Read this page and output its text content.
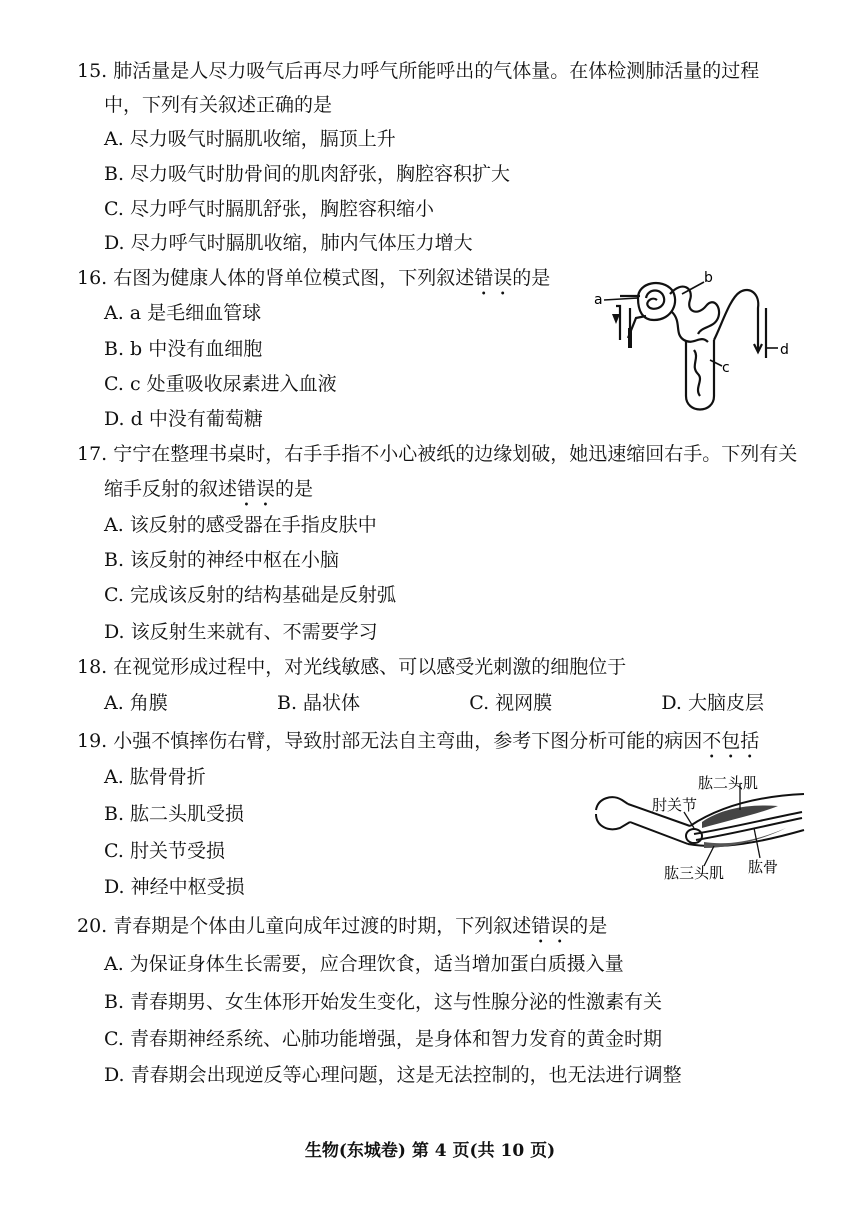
15. 肺活量是人尽力吸气后再尽力呼气所能呼出的气体量。在体检测肺活量的过程
中，下列有关叙述正确的是
A. 尽力吸气时膈肌收缩，膈顶上升
B. 尽力吸气时肋骨间的肌肉舒张，胸腔容积扩大
C. 尽力呼气时膈肌舒张，胸腔容积缩小
D. 尽力呼气时膈肌收缩，肺内气体压力增大
16. 右图为健康人体的肾单位模式图，下列叙述错误的是
A. a 是毛细血管球
B. b 中没有血细胞
C. c 处重吸收尿素进入血液
D. d 中没有葡萄糖
a
b
c
d
17. 宁宁在整理书桌时，右手手指不小心被纸的边缘划破，她迅速缩回右手。下列有关
缩手反射的叙述错误的是
A. 该反射的感受器在手指皮肤中
B. 该反射的神经中枢在小脑
C. 完成该反射的结构基础是反射弧
D. 该反射生来就有、不需要学习
18. 在视觉形成过程中，对光线敏感、可以感受光刺激的细胞位于
A. 角膜	B. 晶状体	C. 视网膜	D. 大脑皮层
19. 小强不慎摔伤右臂，导致肘部无法自主弯曲，参考下图分析可能的病因不包括
A. 肱骨骨折
B. 肱二头肌受损
C. 肘关节受损
D. 神经中枢受损
肱二头肌
肘关节
肱三头肌 肱骨
20. 青春期是个体由儿童向成年过渡的时期，下列叙述错误的是
A. 为保证身体生长需要，应合理饮食，适当增加蛋白质摄入量
B. 青春期男、女生体形开始发生变化，这与性腺分泌的性激素有关
C. 青春期神经系统、心肺功能增强，是身体和智力发育的黄金时期
D. 青春期会出现逆反等心理问题，这是无法控制的，也无法进行调整
生物(东城卷) 第 4 页(共 10 页)
